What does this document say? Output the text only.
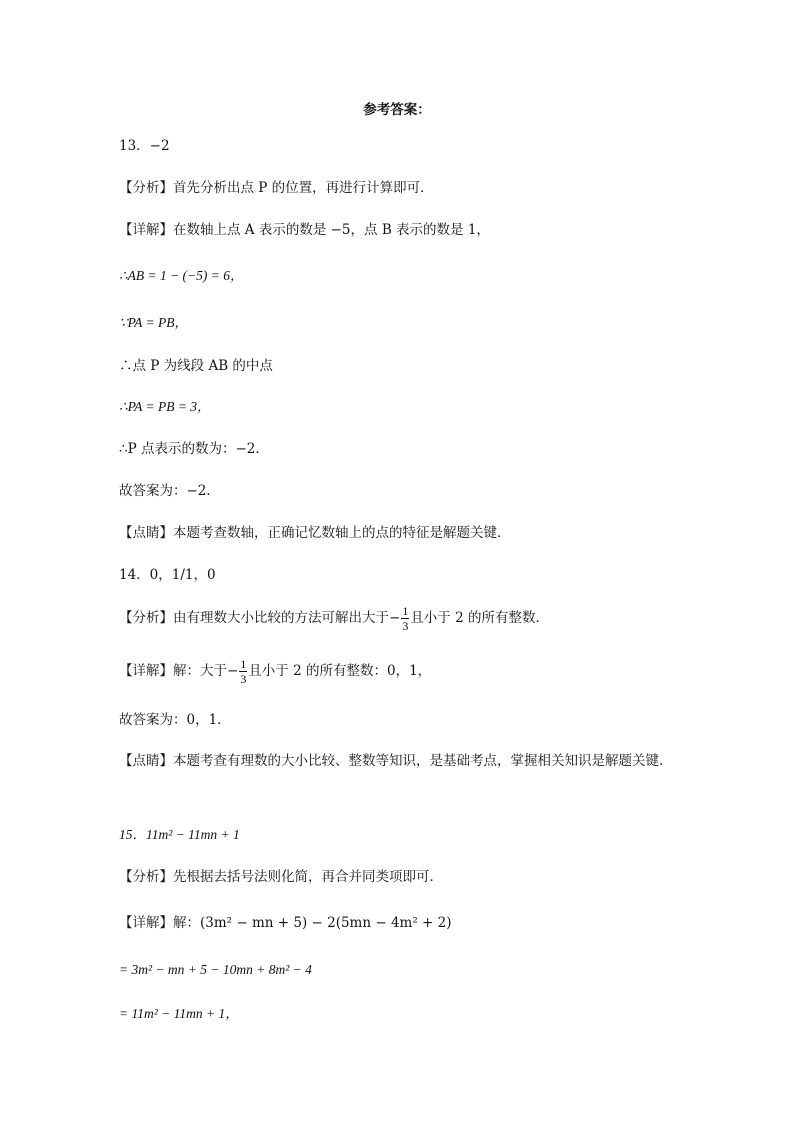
参考答案：
13．−2
【分析】首先分析出点 P 的位置，再进行计算即可．
【详解】在数轴上点 A 表示的数是 −5，点 B 表示的数是 1，
∴AB = 1 − (−5) = 6，
∵PA = PB，
∴点 P 为线段 AB 的中点
∴PA = PB = 3，
∴P 点表示的数为：−2．
故答案为：−2．
【点睛】本题考查数轴，正确记忆数轴上的点的特征是解题关键．
14．0，1/1，0
【分析】由有理数大小比较的方法可解出大于− $\frac{1}{3}$ 且小于 2 的所有整数．
【详解】解：大于− $\frac{1}{3}$ 且小于 2 的所有整数：0，1，
故答案为：0，1．
【点睛】本题考查有理数的大小比较、整数等知识，是基础考点，掌握相关知识是解题关键．
15．11m² − 11mn + 1
【分析】先根据去括号法则化简，再合并同类项即可．
【详解】解：(3m² − mn + 5) − 2(5mn − 4m² + 2)
= 3m² − mn + 5 − 10mn + 8m² − 4
= 11m² − 11mn + 1，
